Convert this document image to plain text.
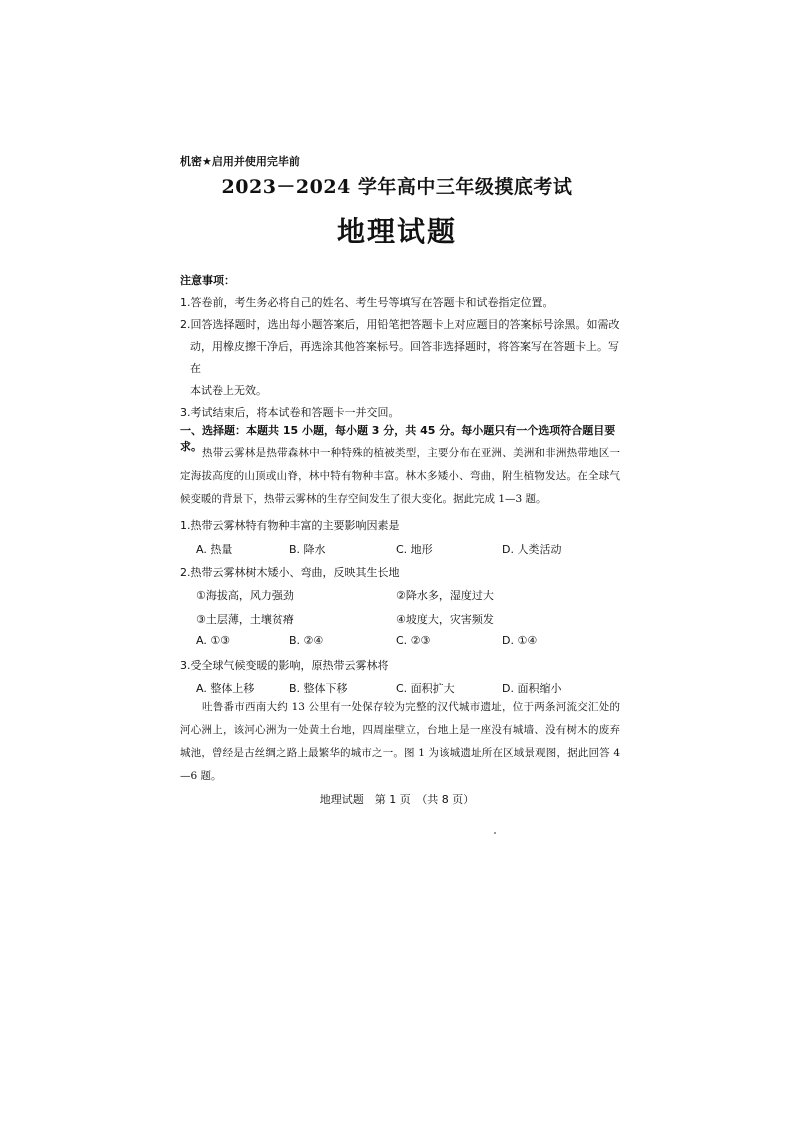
机密★启用并使用完毕前
2023－2024 学年高中三年级摸底考试
地理试题
注意事项：
1.答卷前，考生务必将自己的姓名、考生号等填写在答题卡和试卷指定位置。
2.回答选择题时，选出每小题答案后，用铅笔把答题卡上对应题目的答案标号涂黑。如需改
动，用橡皮擦干净后，再选涂其他答案标号。回答非选择题时，将答案写在答题卡上。写在
本试卷上无效。
3.考试结束后，将本试卷和答题卡一并交回。
一、选择题：本题共 15 小题，每小题 3 分，共 45 分。每小题只有一个选项符合题目要求。 热带云雾林是热带森林中一种特殊的植被类型，主要分布在亚洲、美洲和非洲热带地区一定海拔高度的山顶或山脊，林中特有物种丰富。林木多矮小、弯曲，附生植物发达。在全球气候变暖的背景下，热带云雾林的生存空间发生了很大变化。据此完成 1—3 题。
1.热带云雾林特有物种丰富的主要影响因素是
A. 热量	B. 降水	C. 地形	D. 人类活动
2.热带云雾林树木矮小、弯曲，反映其生长地
①海拔高，风力强劲	②降水多，湿度过大
③土层薄，土壤贫瘠	④坡度大，灾害频发
A. ①③	B. ②④	C. ②③	D. ①④
3.受全球气候变暖的影响，原热带云雾林将
A. 整体上移	B. 整体下移	C. 面积扩大	D. 面积缩小
吐鲁番市西南大约 13 公里有一处保存较为完整的汉代城市遗址，位于两条河流交汇处的河心洲上，该河心洲为一处黄土台地，四周崖壁立，台地上是一座没有城墙、没有树木的废弃城池，曾经是古丝绸之路上最繁华的城市之一。图 1 为该城遗址所在区域景观图，据此回答 4—6 题。
地理试题　第 1 页　（共 8 页）
